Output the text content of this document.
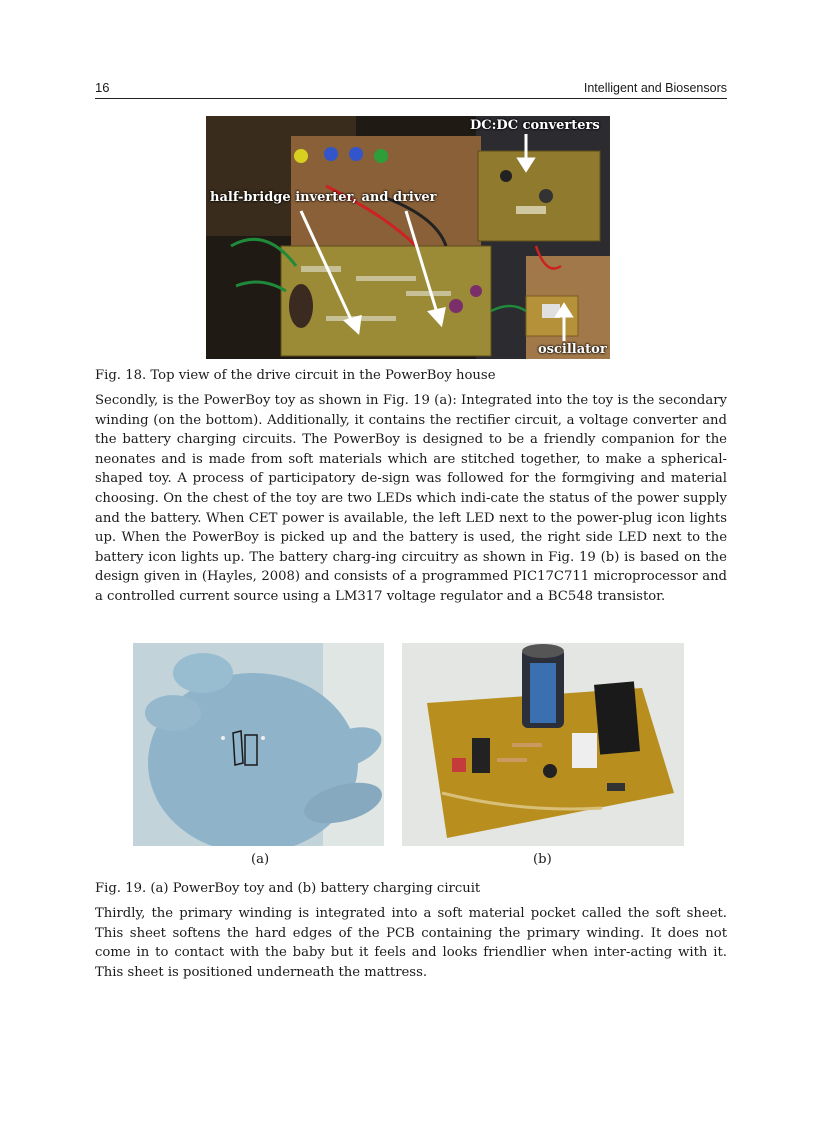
16	Intelligent and Biosensors
DC:DC converters
half-bridge inverter, and driver
oscillator
Fig. 18. Top view of the drive circuit in the PowerBoy house

Secondly, is the PowerBoy toy as shown in Fig. 19 (a): Integrated into the toy is the secondary winding (on the bottom). Additionally, it contains the rectifier circuit, a voltage converter and the battery charging circuits. The PowerBoy is designed to be a friendly companion for the neonates and is made from soft materials which are stitched together, to make a spherical-shaped toy. A process of participatory de-sign was followed for the formgiving and material choosing. On the chest of the toy are two LEDs which indi-cate the status of the power supply and the battery. When CET power is available, the left LED next to the power-plug icon lights up. When the PowerBoy is picked up and the battery is used, the right side LED next to the battery icon lights up. The battery charg-ing circuitry as shown in Fig. 19 (b) is based on the design given in (Hayles, 2008) and consists of a programmed PIC17C711 microprocessor and a controlled current source using a LM317 voltage regulator and a BC548 transistor.

(a)	(b)
Fig. 19. (a) PowerBoy toy and (b) battery charging circuit

Thirdly, the primary winding is integrated into a soft material pocket called the soft sheet. This sheet softens the hard edges of the PCB containing the primary winding. It does not come in to contact with the baby but it feels and looks friendlier when inter-acting with it. This sheet is positioned underneath the mattress.
